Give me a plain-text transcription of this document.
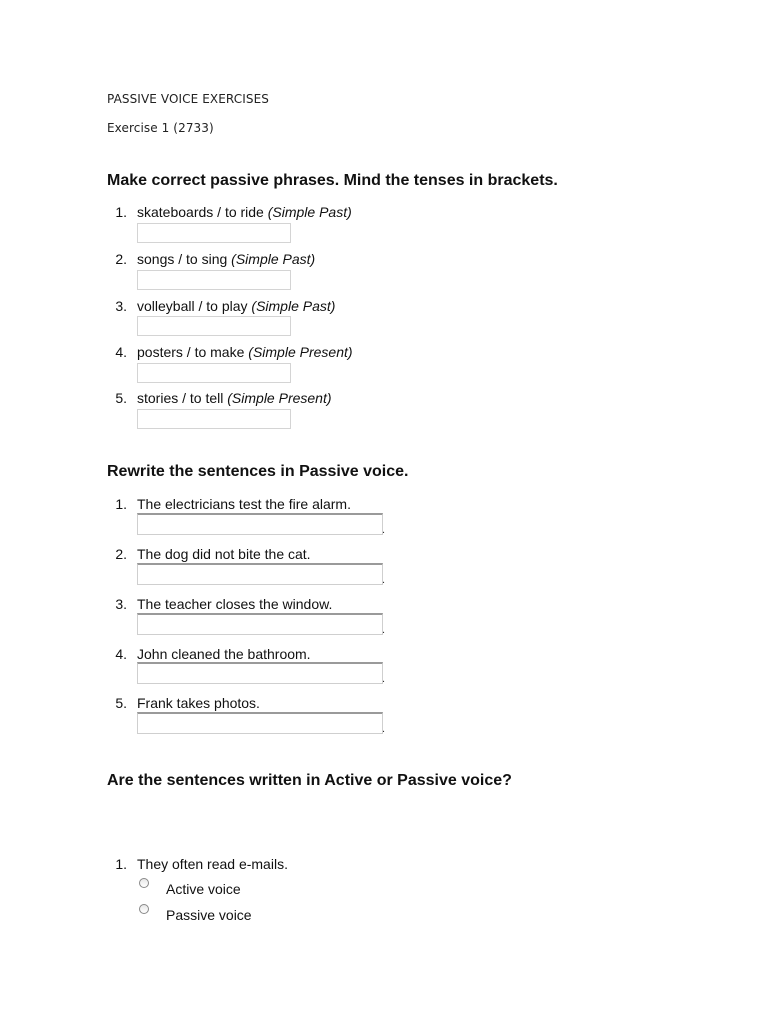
PASSIVE VOICE EXERCISES
Exercise 1 (2733)
Make correct passive phrases. Mind the tenses in brackets.
1. skateboards / to ride (Simple Past)
2. songs / to sing (Simple Past)
3. volleyball / to play (Simple Past)
4. posters / to make (Simple Present)
5. stories / to tell (Simple Present)
Rewrite the sentences in Passive voice.
1. The electricians test the fire alarm.
.
2. The dog did not bite the cat.
.
3. The teacher closes the window.
.
4. John cleaned the bathroom.
.
5. Frank takes photos.
.
Are the sentences written in Active or Passive voice?
1. They often read e-mails.
Active voice
Passive voice
